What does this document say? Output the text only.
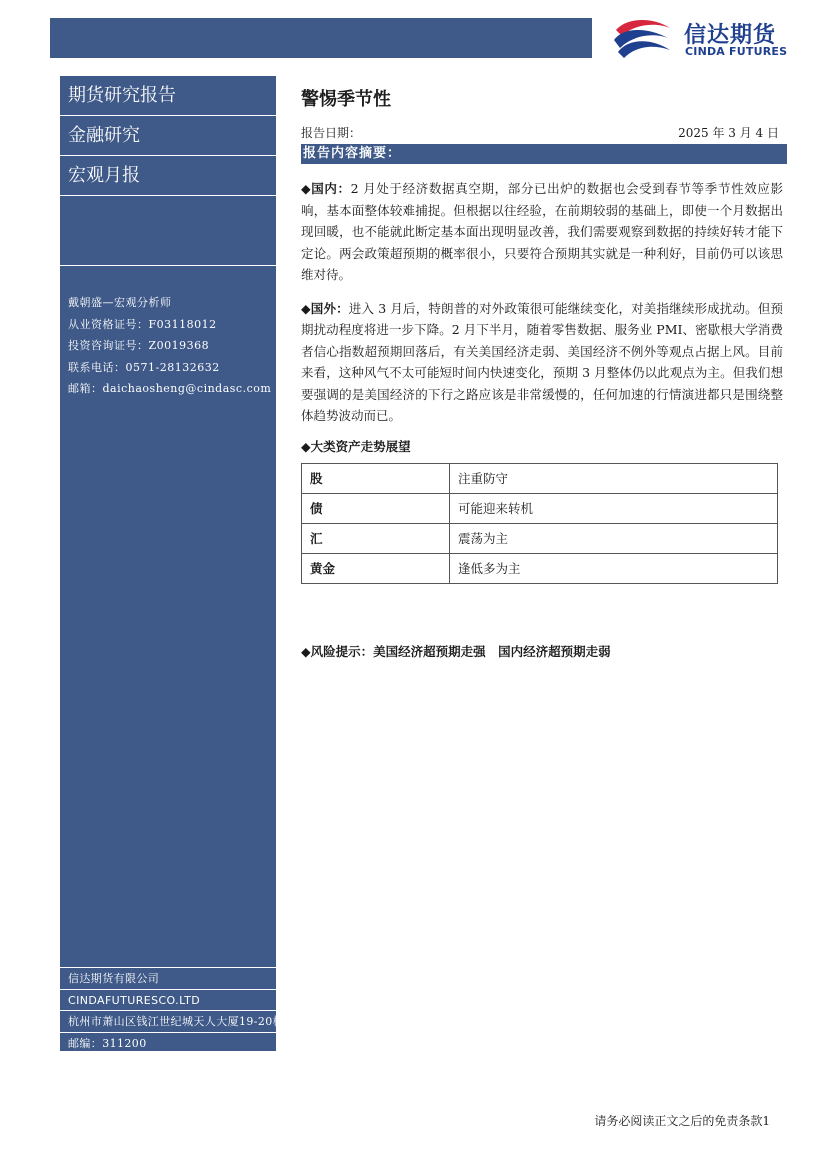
信达期货
CINDA FUTURES
期货研究报告
金融研究
宏观月报
戴朝盛—宏观分析师
从业资格证号：F03118012
投资咨询证号：Z0019368
联系电话：0571-28132632
邮箱：daichaosheng@cindasc.com
信达期货有限公司
CINDAFUTURESCO.LTD
杭州市萧山区钱江世纪城天人大厦19-20楼
邮编：311200
警惕季节性
报告日期：	2025 年 3 月 4 日
报告内容摘要：

◆国内：2 月处于经济数据真空期，部分已出炉的数据也会受到春节等季节性效应影响，基本面整体较难捕捉。但根据以往经验，在前期较弱的基础上，即使一个月数据出现回暖，也不能就此断定基本面出现明显改善，我们需要观察到数据的持续好转才能下定论。两会政策超预期的概率很小，只要符合预期其实就是一种利好，目前仍可以该思维对待。

◆国外：进入 3 月后，特朗普的对外政策很可能继续变化，对美指继续形成扰动。但预期扰动程度将进一步下降。2 月下半月，随着零售数据、服务业 PMI、密歇根大学消费者信心指数超预期回落后，有关美国经济走弱、美国经济不例外等观点占据上风。目前来看，这种风气不太可能短时间内快速变化，预期 3 月整体仍以此观点为主。但我们想要强调的是美国经济的下行之路应该是非常缓慢的，任何加速的行情演进都只是围绕整体趋势波动而已。

◆大类资产走势展望
股	注重防守
债	可能迎来转机
汇	震荡为主
黄金	逢低多为主
◆风险提示：美国经济超预期走强　国内经济超预期走弱
请务必阅读正文之后的免责条款1
